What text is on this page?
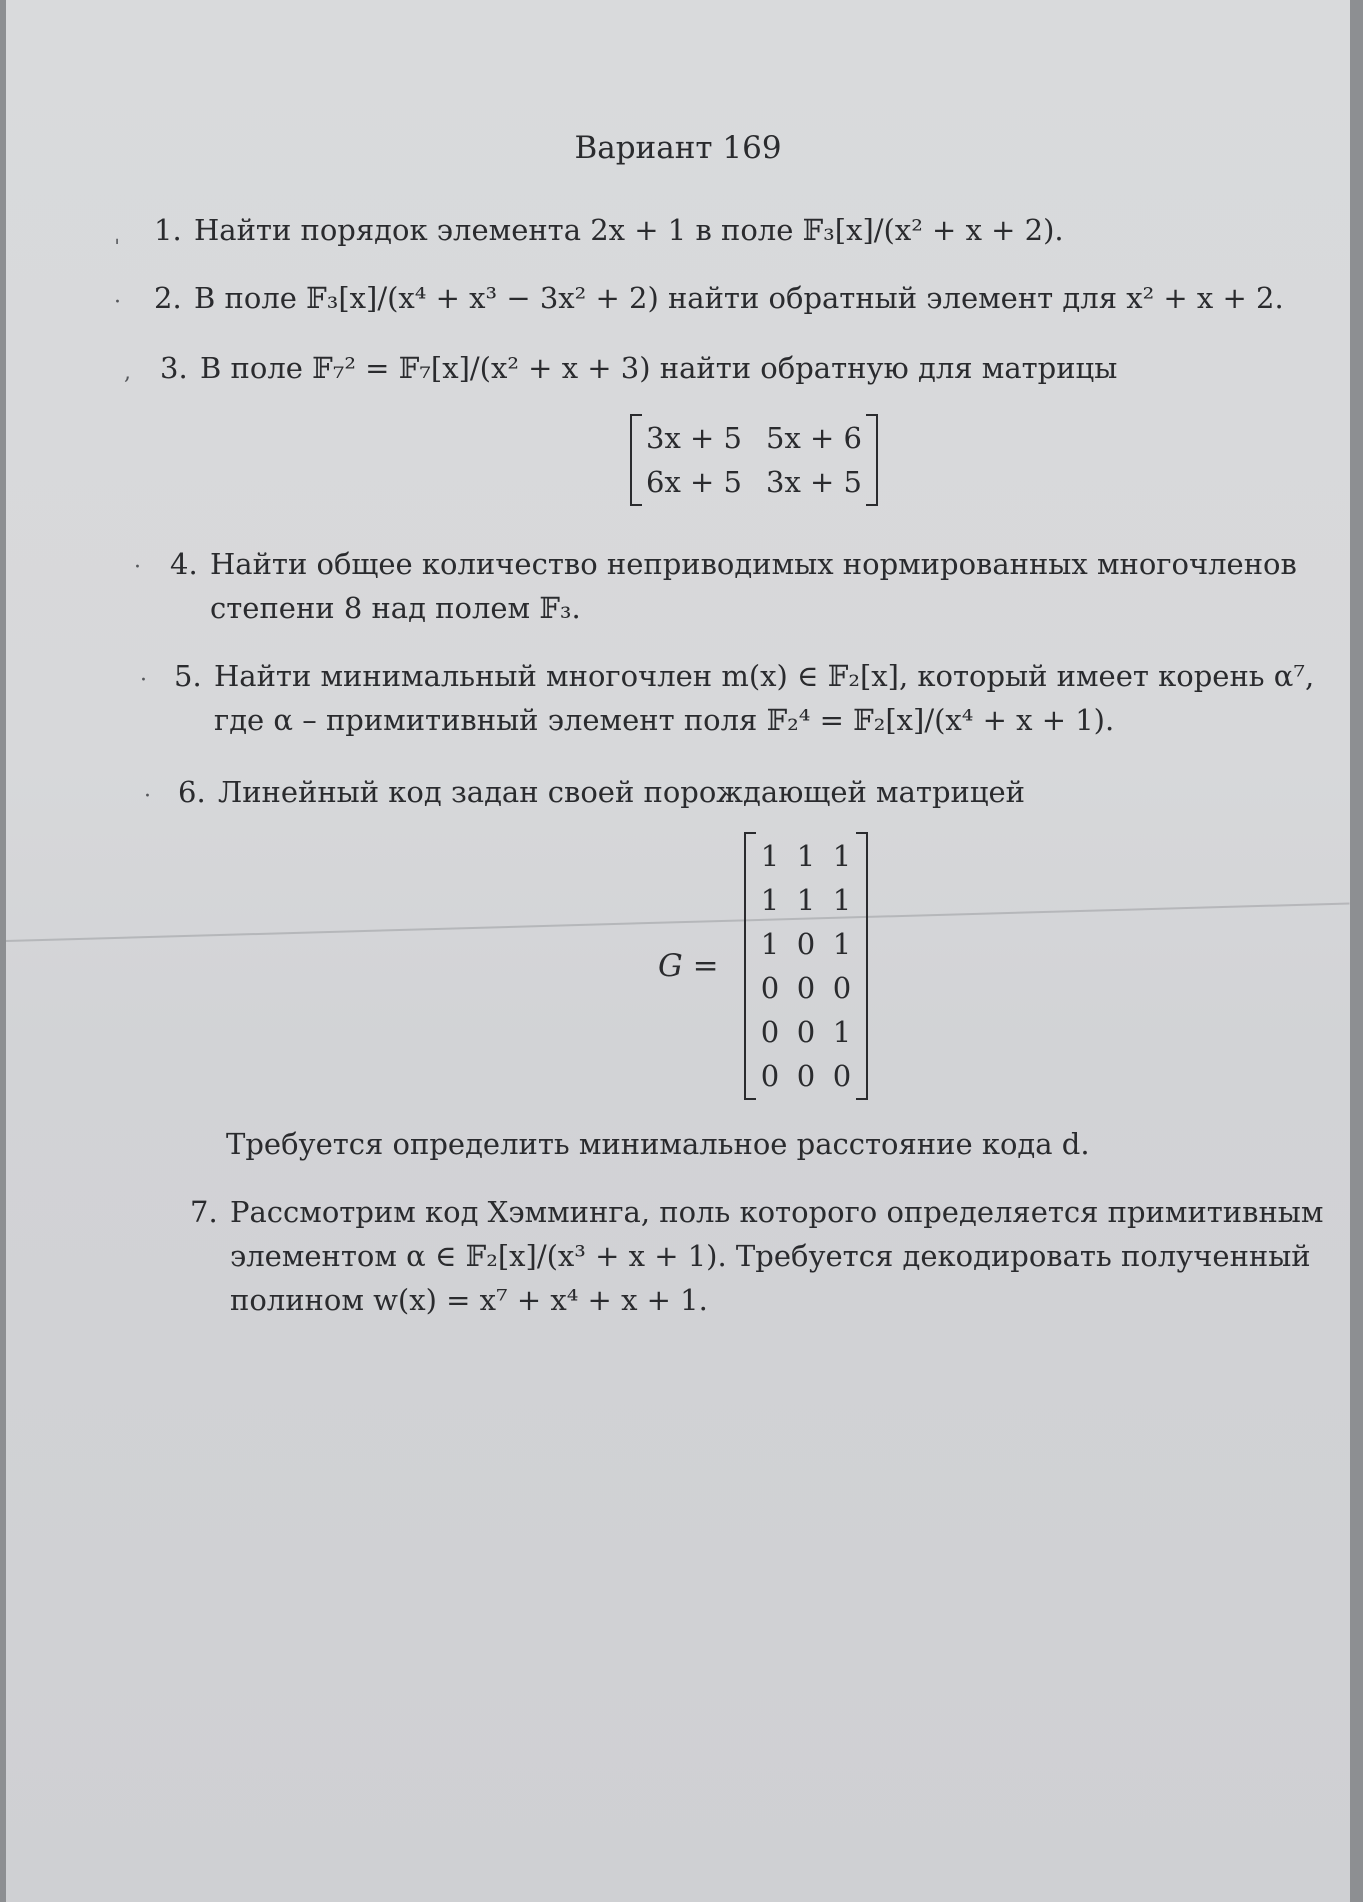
Вариант 169
ˌ 1. Найти порядок элемента 2x + 1 в поле 𝔽₃[x]/(x² + x + 2).
· 2. В поле 𝔽₃[x]/(x⁴ + x³ − 3x² + 2) найти обратный элемент для x² + x + 2.
, 3. В поле 𝔽₇² = 𝔽₇[x]/(x² + x + 3) найти обратную для матрицы
3x + 5 5x + 6
6x + 5 3x + 5
· 4. Найти общее количество неприводимых нормированных многочленов
степени 8 над полем 𝔽₃.
· 5. Найти минимальный многочлен m(x) ∈ 𝔽₂[x], который имеет корень α⁷,
где α – примитивный элемент поля 𝔽₂⁴ = 𝔽₂[x]/(x⁴ + x + 1).
· 6. Линейный код задан своей порождающей матрицей
G =
1 1 1
1 1 1
1 0 1
0 0 0
0 0 1
0 0 0
Требуется определить минимальное расстояние кода d.
7. Рассмотрим код Хэмминга, поль которого определяется примитивным
элементом α ∈ 𝔽₂[x]/(x³ + x + 1). Требуется декодировать полученный
полином w(x) = x⁷ + x⁴ + x + 1.
